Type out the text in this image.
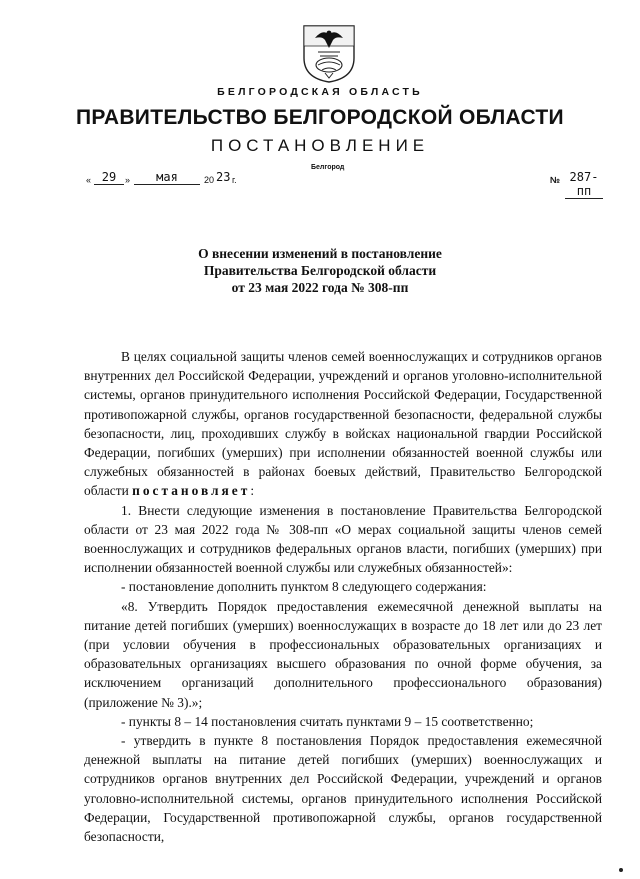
БЕЛГОРОДСКАЯ ОБЛАСТЬ
ПРАВИТЕЛЬСТВО БЕЛГОРОДСКОЙ ОБЛАСТИ
ПОСТАНОВЛЕНИЕ
Белгород
« 29 »	мая	20 23 г.	№ 287-пп
О внесении изменений в постановление
Правительства Белгородской области
от 23 мая 2022 года № 308-пп

В целях социальной защиты членов семей военнослужащих и сотрудников органов внутренних дел Российской Федерации, учреждений и органов уголовно-исполнительной системы, органов принудительного исполнения Российской Федерации, Государственной противопожарной службы, органов государственной безопасности, федеральной службы безопасности, лиц, проходивших службу в войсках национальной гвардии Российской Федерации, погибших (умерших) при исполнении обязанностей военной службы или служебных обязанностей в районах боевых действий, Правительство Белгородской области постановляет:

1. Внести следующие изменения в постановление Правительства Белгородской области от 23 мая 2022 года № 308-пп «О мерах социальной защиты членов семей военнослужащих и сотрудников федеральных органов власти, погибших (умерших) при исполнении обязанностей военной службы или служебных обязанностей»:

- постановление дополнить пунктом 8 следующего содержания:

«8. Утвердить Порядок предоставления ежемесячной денежной выплаты на питание детей погибших (умерших) военнослужащих в возрасте до 18 лет или до 23 лет (при условии обучения в профессиональных образовательных организациях и образовательных организациях высшего образования по очной форме обучения, за исключением организаций дополнительного профессионального образования) (приложение № 3).»;

- пункты 8 – 14 постановления считать пунктами 9 – 15 соответственно;

- утвердить в пункте 8 постановления Порядок предоставления ежемесячной денежной выплаты на питание детей погибших (умерших) военнослужащих и сотрудников органов внутренних дел Российской Федерации, учреждений и органов уголовно-исполнительной системы, органов принудительного исполнения Российской Федерации, Государственной противопожарной службы, органов государственной безопасности,
